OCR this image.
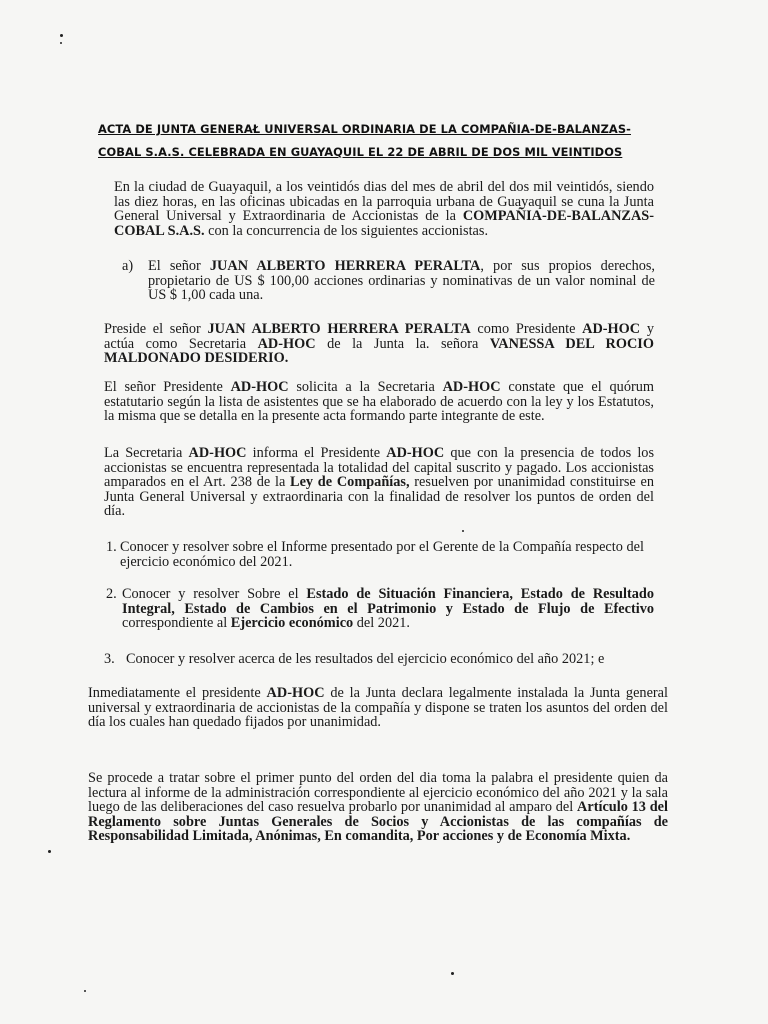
ACTA DE JUNTA GENERAŁ UNIVERSAL ORDINARIA DE LA COMPAÑIA-DE-BALANZAS-
COBAL S.A.S. CELEBRADA EN GUAYAQUIL EL 22 DE ABRIL DE DOS MIL VEINTIDOS

En la ciudad de Guayaquil, a los veintidós dias del mes de abril del dos mil veintidós, siendo las diez horas, en las oficinas ubicadas en la parroquia urbana de Guayaquil se cuna la Junta General Universal y Extraordinaria de Accionistas de la COMPAÑIA-DE-BALANZAS-COBAL S.A.S. con la concurrencia de los siguientes accionistas.

a) El señor JUAN ALBERTO HERRERA PERALTA, por sus propios derechos, propietario de US $ 100,00 acciones ordinarias y nominativas de un valor nominal de US $ 1,00 cada una.

Preside el señor JUAN ALBERTO HERRERA PERALTA como Presidente AD-HOC y actúa como Secretaria AD-HOC de la Junta la. señora VANESSA DEL ROCIO MALDONADO DESIDERIO.

El señor Presidente AD-HOC solicita a la Secretaria AD-HOC constate que el quórum estatutario según la lista de asistentes que se ha elaborado de acuerdo con la ley y los Estatutos, la misma que se detalla en la presente acta formando parte integrante de este.

La Secretaria AD-HOC informa el Presidente AD-HOC que con la presencia de todos los accionistas se encuentra representada la totalidad del capital suscrito y pagado. Los accionistas amparados en el Art. 238 de la Ley de Compañías, resuelven por unanimidad constituirse en Junta General Universal y extraordinaria con la finalidad de resolver los puntos de orden del día.

1. Conocer y resolver sobre el Informe presentado por el Gerente de la Compañía respecto del ejercicio económico del 2021.

2. Conocer y resolver Sobre el Estado de Situación Financiera, Estado de Resultado Integral, Estado de Cambios en el Patrimonio y Estado de Flujo de Efectivo correspondiente al Ejercicio económico del 2021.

3. Conocer y resolver acerca de les resultados del ejercicio económico del año 2021; e

Inmediatamente el presidente AD-HOC de la Junta declara legalmente instalada la Junta general universal y extraordinaria de accionistas de la compañía y dispone se traten los asuntos del orden del día los cuales han quedado fijados por unanimidad.

Se procede a tratar sobre el primer punto del orden del dia toma la palabra el presidente quien da lectura al informe de la administración correspondiente al ejercicio económico del año 2021 y la sala luego de las deliberaciones del caso resuelva probarlo por unanimidad al amparo del Artículo 13 del Reglamento sobre Juntas Generales de Socios y Accionistas de las compañías de Responsabilidad Limitada, Anónimas, En comandita, Por acciones y de Economía Mixta.
